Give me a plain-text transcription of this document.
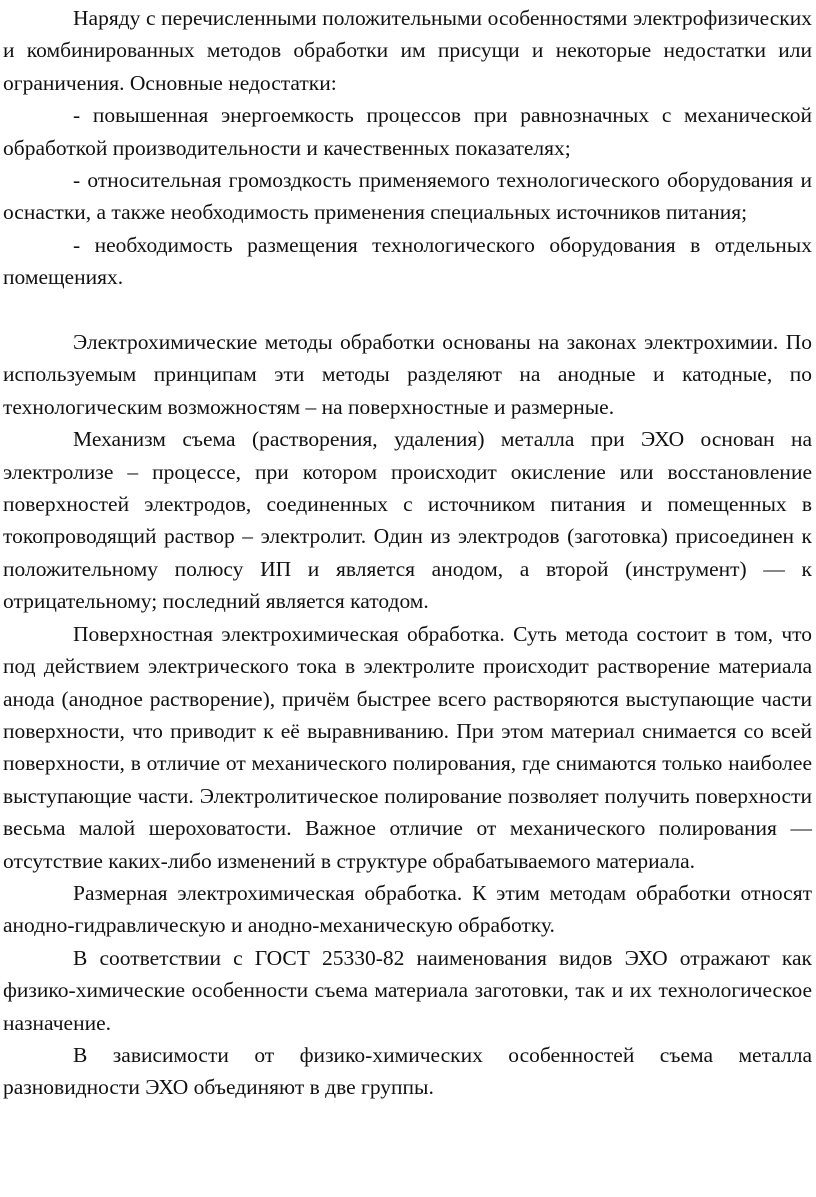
Наряду с перечисленными положительными особенностями электрофизических и комбинированных методов обработки им присущи и некоторые недостатки или ограничения. Основные недостатки:

- повышенная энергоемкость процессов при равнозначных с механической обработкой производительности и качественных показателях;

- относительная громоздкость применяемого технологического оборудования и оснастки, а также необходимость применения специальных источников питания;

- необходимость размещения технологического оборудования в отдельных помещениях.

Электрохимические методы обработки основаны на законах электрохимии. По используемым принципам эти методы разделяют на анодные и катодные, по технологическим возможностям – на поверхностные и размерные.

Механизм съема (растворения, удаления) металла при ЭХО основан на электролизе – процессе, при котором происходит окисление или восстановление поверхностей электродов, соединенных с источником питания и помещенных в токопроводящий раствор – электролит. Один из электродов (заготовка) присоединен к положительному полюсу ИП и является анодом, а второй (инструмент) — к отрицательному; последний является катодом.

Поверхностная электрохимическая обработка. Суть метода состоит в том, что под действием электрического тока в электролите происходит растворение материала анода (анодное растворение), причём быстрее всего растворяются выступающие части поверхности, что приводит к её выравниванию. При этом материал снимается со всей поверхности, в отличие от механического полирования, где снимаются только наиболее выступающие части. Электролитическое полирование позволяет получить поверхности весьма малой шероховатости. Важное отличие от механического полирования — отсутствие каких-либо изменений в структуре обрабатываемого материала.

Размерная электрохимическая обработка. К этим методам обработки относят анодно-гидравлическую и анодно-механическую обработку.

В соответствии с ГОСТ 25330-82 наименования видов ЭХО отражают как физико-химические особенности съема материала заготовки, так и их технологическое назначение.

В зависимости от физико-химических особенностей съема металла разновидности ЭХО объединяют в две группы.
